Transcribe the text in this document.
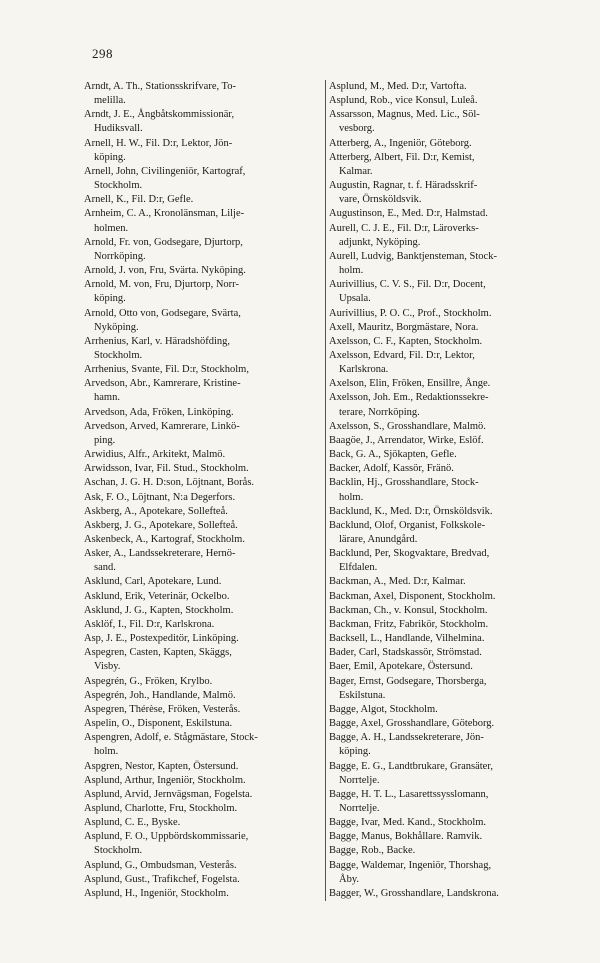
298
Arndt, A. Th., Stationsskrifvare, To-
melilla.
Arndt, J. E., Ångbåtskommissionär,
Hudiksvall.
Arnell, H. W., Fil. D:r, Lektor, Jön-
köping.
Arnell, John, Civilingeniör, Kartograf,
Stockholm.
Arnell, K., Fil. D:r, Gefle.
Arnheim, C. A., Kronolänsman, Lilje-
holmen.
Arnold, Fr. von, Godsegare, Djurtorp,
Norrköping.
Arnold, J. von, Fru, Svärta. Nyköping.
Arnold, M. von, Fru, Djurtorp, Norr-
köping.
Arnold, Otto von, Godsegare, Svärta,
Nyköping.
Arrhenius, Karl, v. Häradshöfding,
Stockholm.
Arrhenius, Svante, Fil. D:r, Stockholm,
Arvedson, Abr., Kamrerare, Kristine-
hamn.
Arvedson, Ada, Fröken, Linköping.
Arvedson, Arved, Kamrerare, Linkö-
ping.
Arwidius, Alfr., Arkitekt, Malmö.
Arwidsson, Ivar, Fil. Stud., Stockholm.
Aschan, J. G. H. D:son, Löjtnant, Borås.
Ask, F. O., Löjtnant, N:a Degerfors.
Askberg, A., Apotekare, Sollefteå.
Askberg, J. G., Apotekare, Sollefteå.
Askenbeck, A., Kartograf, Stockholm.
Asker, A., Landssekreterare, Hernö-
sand.
Asklund, Carl, Apotekare, Lund.
Asklund, Erik, Veterinär, Ockelbo.
Asklund, J. G., Kapten, Stockholm.
Asklöf, I., Fil. D:r, Karlskrona.
Asp, J. E., Postexpeditör, Linköping.
Aspegren, Casten, Kapten, Skäggs,
Visby.
Aspegrén, G., Fröken, Krylbo.
Aspegrén, Joh., Handlande, Malmö.
Aspegren, Thérèse, Fröken, Vesterås.
Aspelin, O., Disponent, Eskilstuna.
Aspengren, Adolf, e. Stågmästare, Stock-
holm.
Aspgren, Nestor, Kapten, Östersund.
Asplund, Arthur, Ingeniör, Stockholm.
Asplund, Arvid, Jernvägsman, Fogelsta.
Asplund, Charlotte, Fru, Stockholm.
Asplund, C. E., Byske.
Asplund, F. O., Uppbördskommissarie,
Stockholm.
Asplund, G., Ombudsman, Vesterås.
Asplund, Gust., Trafikchef, Fogelsta.
Asplund, H., Ingeniör, Stockholm.
Asplund, M., Med. D:r, Vartofta.
Asplund, Rob., vice Konsul, Luleå.
Assarsson, Magnus, Med. Lic., Söl-
vesborg.
Atterberg, A., Ingeniör, Göteborg.
Atterberg, Albert, Fil. D:r, Kemist,
Kalmar.
Augustin, Ragnar, t. f. Häradsskrif-
vare, Örnsköldsvik.
Augustinson, E., Med. D:r, Halmstad.
Aurell, C. J. E., Fil. D:r, Läroverks-
adjunkt, Nyköping.
Aurell, Ludvig, Banktjensteman, Stock-
holm.
Aurivillius, C. V. S., Fil. D:r, Docent,
Upsala.
Aurivillius, P. O. C., Prof., Stockholm.
Axell, Mauritz, Borgmästare, Nora.
Axelsson, C. F., Kapten, Stockholm.
Axelsson, Edvard, Fil. D:r, Lektor,
Karlskrona.
Axelson, Elin, Fröken, Ensillre, Ånge.
Axelsson, Joh. Em., Redaktionssekre-
terare, Norrköping.
Axelsson, S., Grosshandlare, Malmö.
Baagöe, J., Arrendator, Wirke, Eslöf.
Back, G. A., Sjökapten, Gefle.
Backer, Adolf, Kassör, Fränö.
Backlin, Hj., Grosshandlare, Stock-
holm.
Backlund, K., Med. D:r, Örnsköldsvik.
Backlund, Olof, Organist, Folkskole-
lärare, Anundgård.
Backlund, Per, Skogvaktare, Bredvad,
Elfdalen.
Backman, A., Med. D:r, Kalmar.
Backman, Axel, Disponent, Stockholm.
Backman, Ch., v. Konsul, Stockholm.
Backman, Fritz, Fabrikör, Stockholm.
Backsell, L., Handlande, Vilhelmina.
Bader, Carl, Stadskassör, Strömstad.
Baer, Emil, Apotekare, Östersund.
Bager, Ernst, Godsegare, Thorsberga,
Eskilstuna.
Bagge, Algot, Stockholm.
Bagge, Axel, Grosshandlare, Göteborg.
Bagge, A. H., Landssekreterare, Jön-
köping.
Bagge, E. G., Landtbrukare, Gransäter,
Norrtelje.
Bagge, H. T. L., Lasarettssysslomann,
Norrtelje.
Bagge, Ivar, Med. Kand., Stockholm.
Bagge, Manus, Bokhållare. Ramvik.
Bagge, Rob., Backe.
Bagge, Waldemar, Ingeniör, Thorshag,
Åby.
Bagger, W., Grosshandlare, Landskrona.
